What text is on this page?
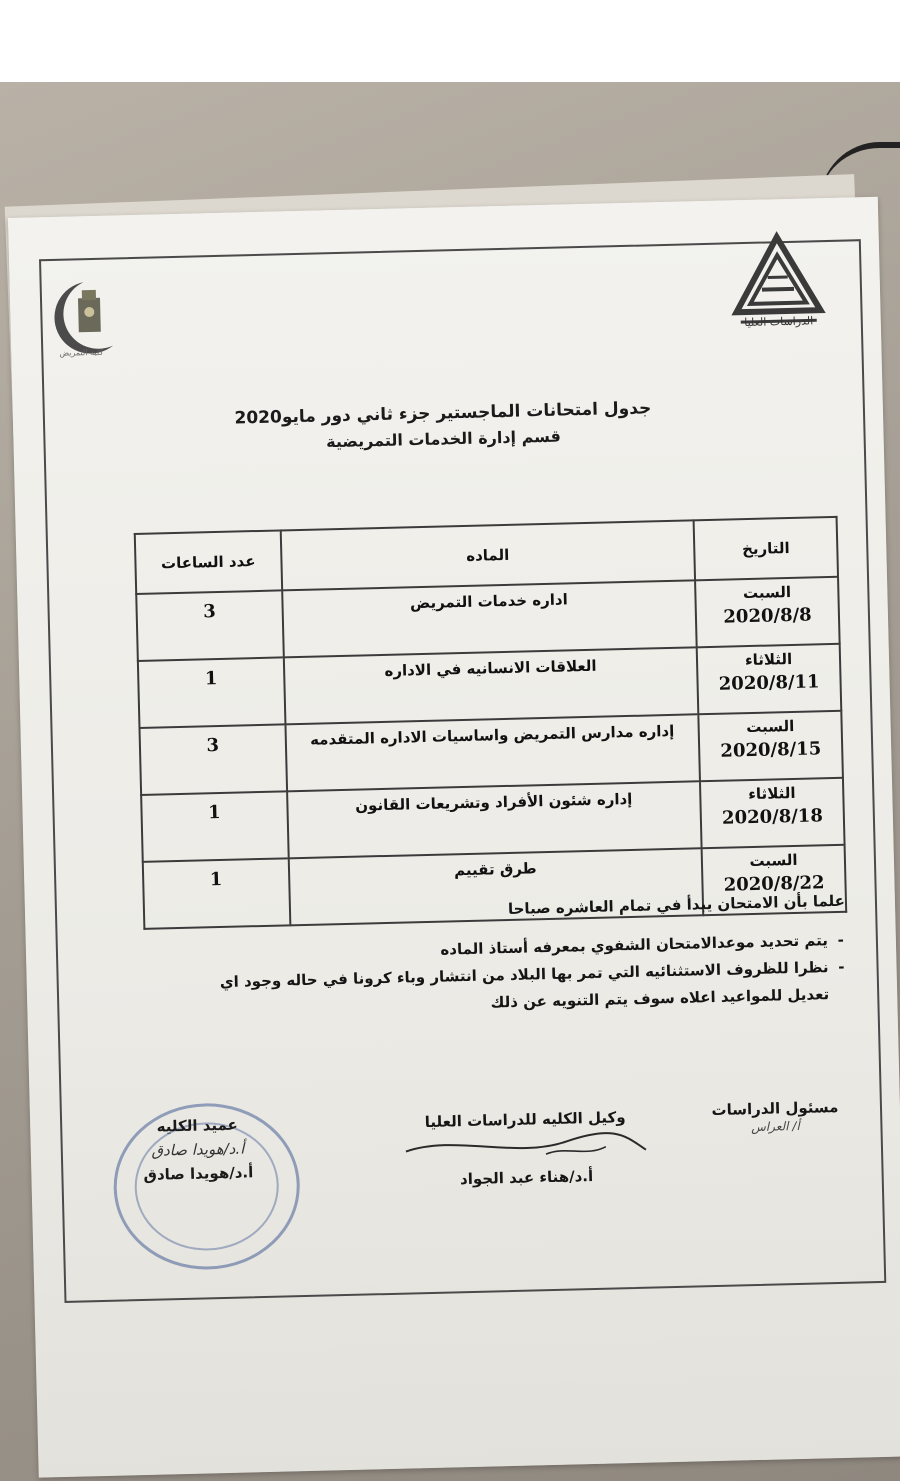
كلية التمريض
الدراسات العليا
جدول امتحانات الماجستير جزء ثاني دور مايو2020
قسم إدارة الخدمات التمريضية
التاريخ	الماده	عدد الساعات
السبت
2020/8/8	اداره خدمات التمريض	3
الثلاثاء
2020/8/11	العلاقات الانسانيه في الاداره	1
السبت
2020/8/15	إداره مدارس التمريض واساسيات الاداره المتقدمه	3
الثلاثاء
2020/8/18	إداره شئون الأفراد وتشريعات القانون	1
السبت
2020/8/22	طرق تقييم	1
علما بأن الامتحان يبدأ في تمام العاشره صباحا
- يتم تحديد موعدالامتحان الشفوي بمعرفه أستاذ الماده
- نظرا للظروف الاستثنائيه التي تمر بها البلاد من انتشار وباء كرونا في حاله وجود اي تعديل للمواعيد اعلاه سوف يتم التنويه عن ذلك
مسئول الدراسات
أ/ العراس
وكيل الكليه للدراسات العليا
أ.د/هناء عبد الجواد
عميد الكليه
أ.د/هويدا صادق
أ.د/هويدا صادق
